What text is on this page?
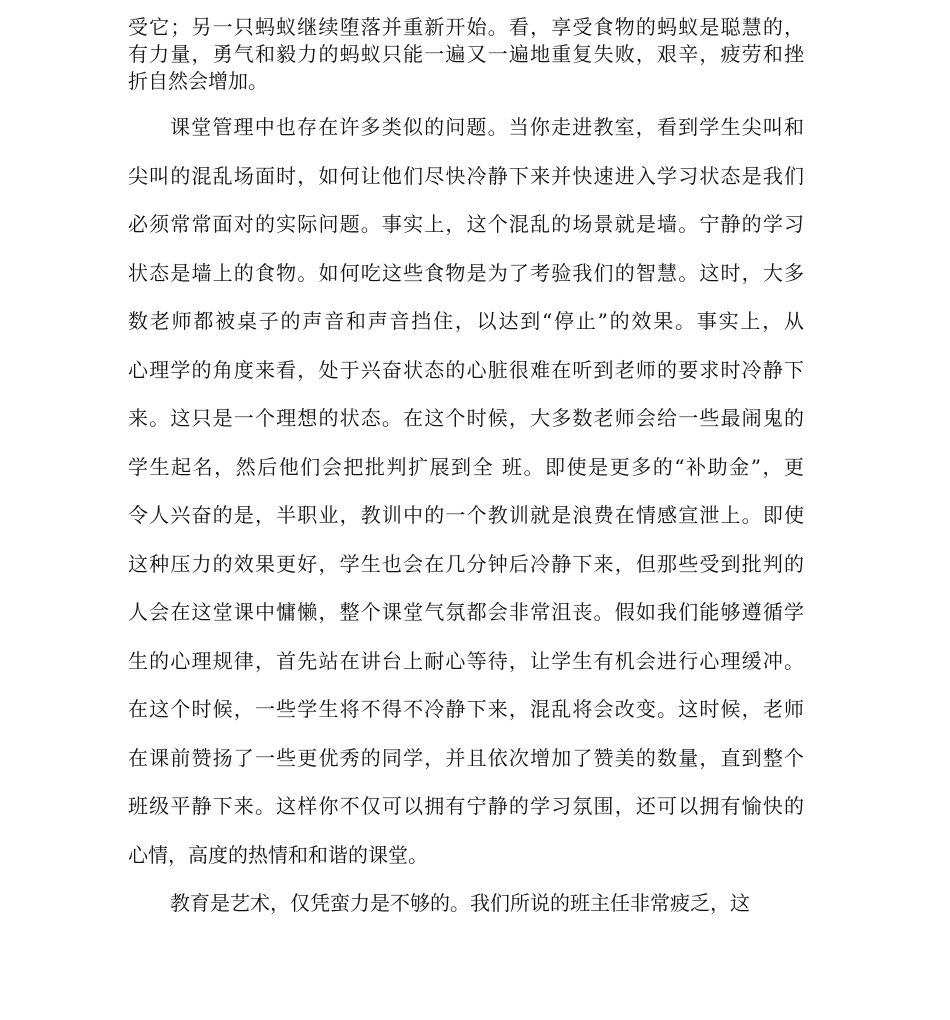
受它；另一只蚂蚁继续堕落并重新开始。看，享受食物的蚂蚁是聪慧的，
有力量，勇气和毅力的蚂蚁只能一遍又一遍地重复失败，艰辛，疲劳和挫
折自然会增加。
课堂管理中也存在许多类似的问题。当你走进教室，看到学生尖叫和
尖叫的混乱场面时，如何让他们尽快冷静下来并快速进入学习状态是我们
必须常常面对的实际问题。事实上，这个混乱的场景就是墙。宁静的学习
状态是墙上的食物。如何吃这些食物是为了考验我们的智慧。这时，大多
数老师都被桌子的声音和声音挡住，以达到“停止”的效果。事实上，从
心理学的角度来看，处于兴奋状态的心脏很难在听到老师的要求时冷静下
来。这只是一个理想的状态。在这个时候，大多数老师会给一些最闹鬼的
学生起名，然后他们会把批判扩展到全 班。即使是更多的“补助金”，更
令人兴奋的是，半职业，教训中的一个教训就是浪费在情感宣泄上。即使
这种压力的效果更好，学生也会在几分钟后冷静下来，但那些受到批判的
人会在这堂课中慵懒，整个课堂气氛都会非常沮丧。假如我们能够遵循学
生的心理规律，首先站在讲台上耐心等待，让学生有机会进行心理缓冲。
在这个时候，一些学生将不得不冷静下来，混乱将会改变。这时候，老师
在课前赞扬了一些更优秀的同学，并且依次增加了赞美的数量，直到整个
班级平静下来。这样你不仅可以拥有宁静的学习氛围，还可以拥有愉快的
心情，高度的热情和和谐的课堂。
教育是艺术，仅凭蛮力是不够的。我们所说的班主任非常疲乏，这
